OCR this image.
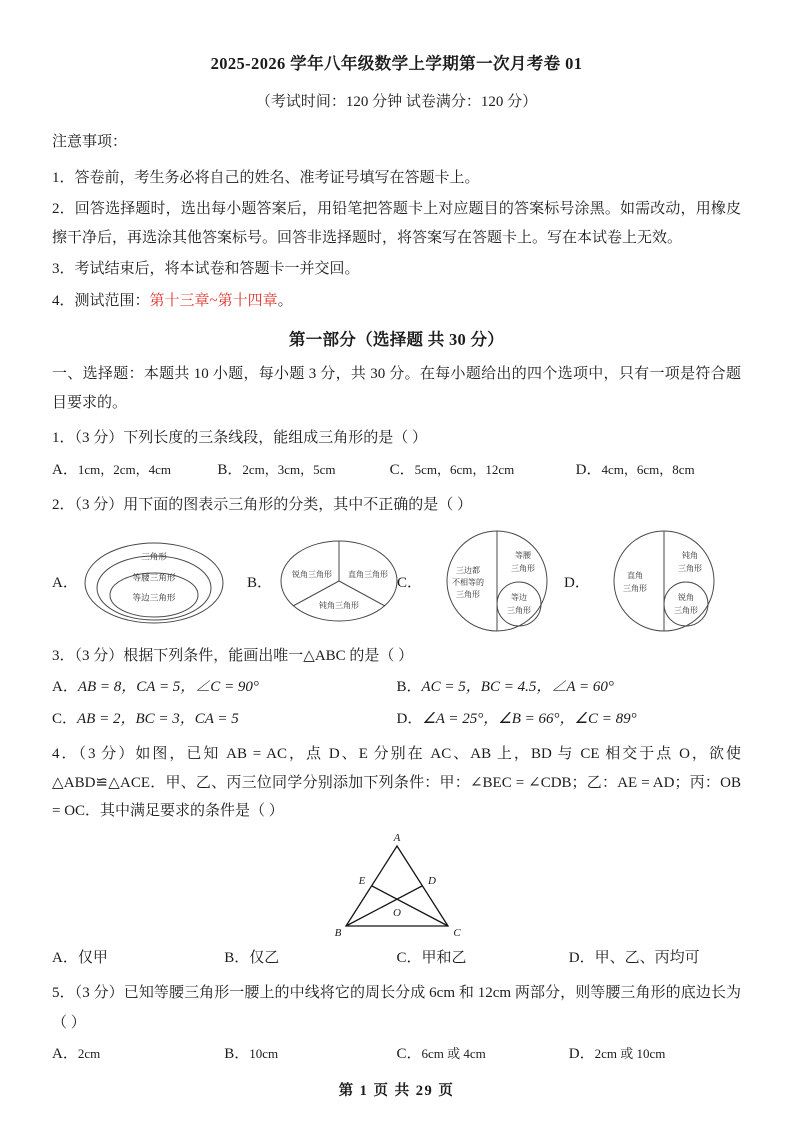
2025-2026 学年八年级数学上学期第一次月考卷 01
（考试时间：120 分钟 试卷满分：120 分）
注意事项：
1．答卷前，考生务必将自己的姓名、准考证号填写在答题卡上。
2．回答选择题时，选出每小题答案后，用铅笔把答题卡上对应题目的答案标号涂黑。如需改动，用橡皮擦干净后，再选涂其他答案标号。回答非选择题时，将答案写在答题卡上。写在本试卷上无效。
3．考试结束后，将本试卷和答题卡一并交回。
4．测试范围：第十三章~第十四章。
第一部分（选择题 共 30 分）
一、选择题：本题共 10 小题，每小题 3 分，共 30 分。在每小题给出的四个选项中，只有一项是符合题目要求的。
1．（3 分）下列长度的三条线段，能组成三角形的是（ ）
A．1cm，2cm，4cm	B．2cm，3cm，5cm	C．5cm，6cm，12cm	D．4cm，6cm，8cm
2．（3 分）用下面的图表示三角形的分类，其中不正确的是（ ）
A．
三角形
等腰三角形
等边三角形
B．	锐角三角形 直角三角形
钝角三角形
C．
三边都
不相等的
三角形
等腰
三角形
等边
三角形
D．	直角
三角形
钝角
三角形
锐角
三角形
3．（3 分）根据下列条件，能画出唯一△ABC 的是（ ）
A．AB = 8，CA = 5，∠C = 90°	B．AC = 5，BC = 4.5，∠A = 60°
C．AB = 2，BC = 3，CA = 5	D．∠A = 25°，∠B = 66°，∠C = 89°
4．（3 分）如图，已知 AB = AC，点 D、E 分别在 AC、AB 上，BD 与 CE 相交于点 O，欲使△ABD≌△ACE．甲、乙、丙三位同学分别添加下列条件：甲：∠BEC = ∠CDB；乙：AE = AD；丙：OB = OC．其中满足要求的条件是（ ）
A
E	D
O
B	C
A．仅甲	B．仅乙	C．甲和乙	D．甲、乙、丙均可
5．（3 分）已知等腰三角形一腰上的中线将它的周长分成 6cm 和 12cm 两部分，则等腰三角形的底边长为（ ）
A．2cm	B．10cm	C．6cm 或 4cm	D．2cm 或 10cm
第 1 页 共 29 页
